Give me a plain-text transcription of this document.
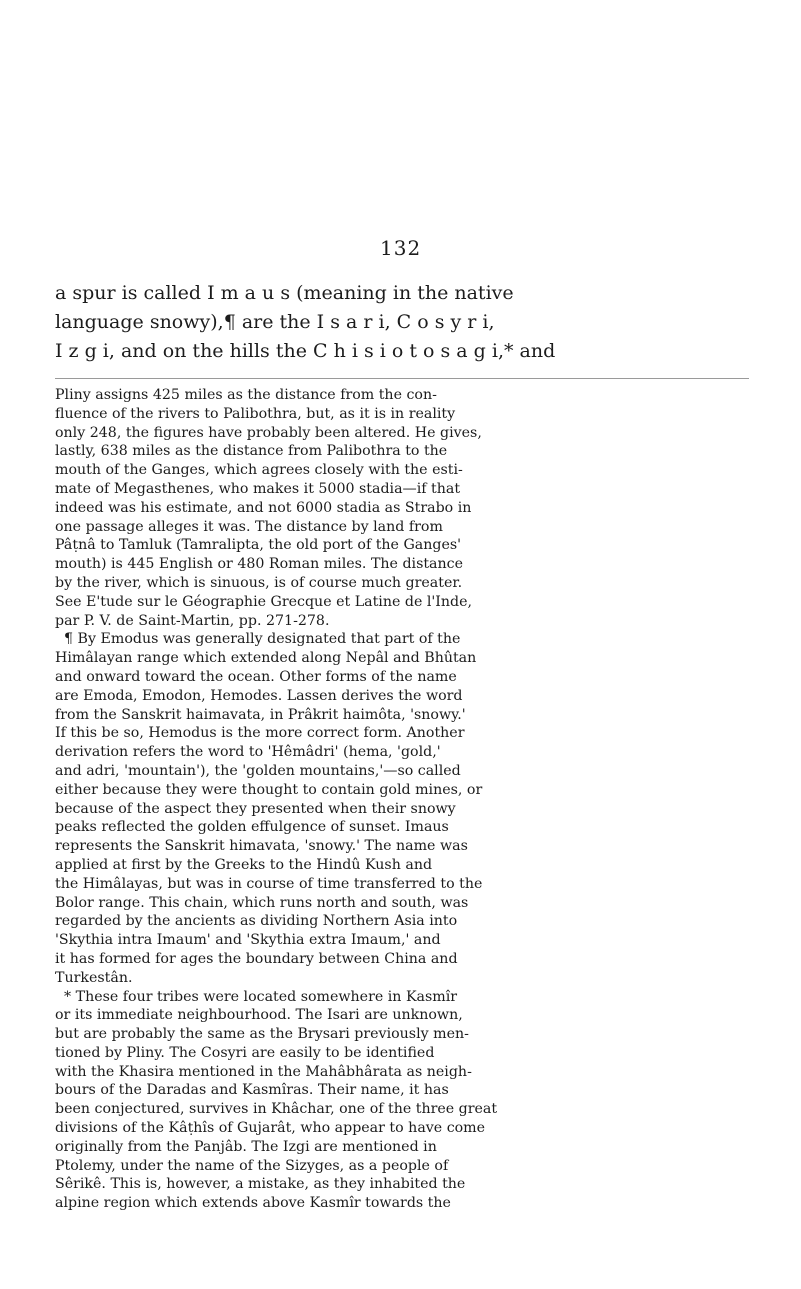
132
a spur is called I m a u s (meaning in the native
language snowy),¶ are the I s a r i, C o s y r i,
I z g i, and on the hills the C h i s i o t o s a g i,* and
Pliny assigns 425 miles as the distance from the con-
fluence of the rivers to Palibothra, but, as it is in reality
only 248, the figures have probably been altered. He gives,
lastly, 638 miles as the distance from Palibothra to the
mouth of the Ganges, which agrees closely with the esti-
mate of Megasthenes, who makes it 5000 stadia—if that
indeed was his estimate, and not 6000 stadia as Strabo in
one passage alleges it was. The distance by land from
Pâṭnâ to Tamluk (Tamralipta, the old port of the Ganges'
mouth) is 445 English or 480 Roman miles. The distance
by the river, which is sinuous, is of course much greater.
See E'tude sur le Géographie Grecque et Latine de l'Inde,
par P. V. de Saint-Martin, pp. 271-278.
¶ By Emodus was generally designated that part of the
Himâlayan range which extended along Nepâl and Bhûtan
and onward toward the ocean. Other forms of the name
are Emoda, Emodon, Hemodes. Lassen derives the word
from the Sanskrit haimavata, in Prâkrit haimôta, 'snowy.'
If this be so, Hemodus is the more correct form. Another
derivation refers the word to 'Hêmâdri' (hema, 'gold,'
and adri, 'mountain'), the 'golden mountains,'—so called
either because they were thought to contain gold mines, or
because of the aspect they presented when their snowy
peaks reflected the golden effulgence of sunset. Imaus
represents the Sanskrit himavata, 'snowy.' The name was
applied at first by the Greeks to the Hindû Kush and
the Himâlayas, but was in course of time transferred to the
Bolor range. This chain, which runs north and south, was
regarded by the ancients as dividing Northern Asia into
'Skythia intra Imaum' and 'Skythia extra Imaum,' and
it has formed for ages the boundary between China and
Turkestân.
* These four tribes were located somewhere in Kasmîr
or its immediate neighbourhood. The Isari are unknown,
but are probably the same as the Brysari previously men-
tioned by Pliny. The Cosyri are easily to be identified
with the Khasira mentioned in the Mahâbhârata as neigh-
bours of the Daradas and Kasmîras. Their name, it has
been conjectured, survives in Khâchar, one of the three great
divisions of the Kâṭhîs of Gujarât, who appear to have come
originally from the Panjâb. The Izgi are mentioned in
Ptolemy, under the name of the Sizyges, as a people of
Sêrikê. This is, however, a mistake, as they inhabited the
alpine region which extends above Kasmîr towards the
